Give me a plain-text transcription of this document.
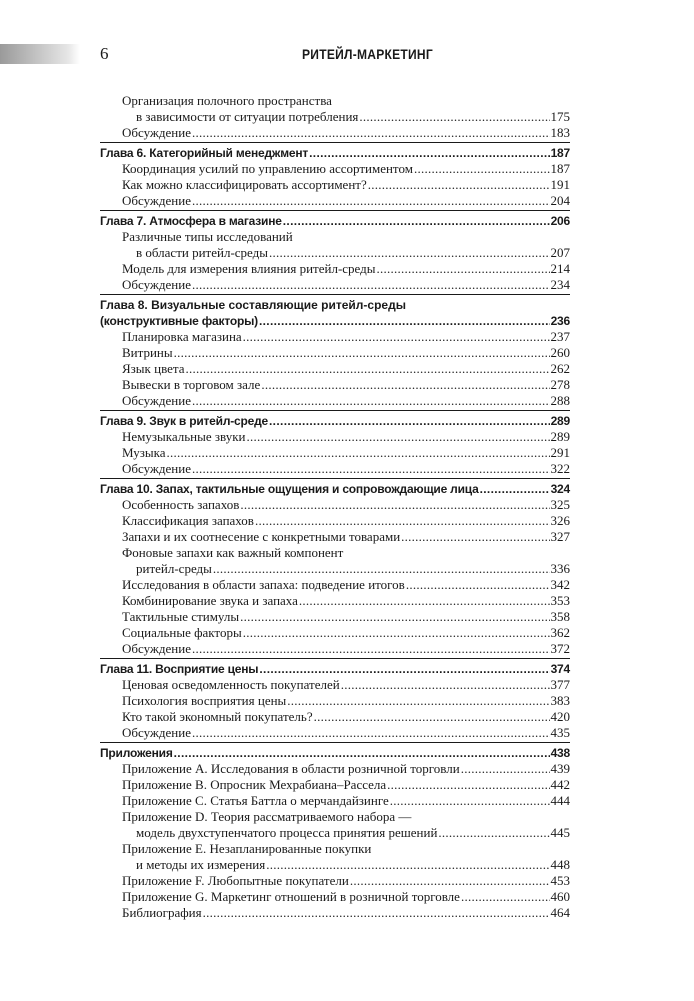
6	РИТЕЙЛ-МАРКЕТИНГ
Организация полочного пространства
в зависимости от ситуации потребления . . .	175
Обсуждение . . .	183
Глава 6. Категорийный менеджмент . . .	187
Координация усилий по управлению ассортиментом . . .	187
Как можно классифицировать ассортимент? . . .	191
Обсуждение . . .	204
Глава 7. Атмосфера в магазине . . .	206
Различные типы исследований
в области ритейл-среды . . .	207
Модель для измерения влияния ритейл-среды . . .	214
Обсуждение . . .	234
Глава 8. Визуальные составляющие ритейл-среды
(конструктивные факторы) . . .	236
Планировка магазина . . .	237
Витрины . . .	260
Язык цвета . . .	262
Вывески в торговом зале . . .	278
Обсуждение . . .	288
Глава 9. Звук в ритейл-среде . . .	289
Немузыкальные звуки . . .	289
Музыка . . .	291
Обсуждение . . .	322
Глава 10. Запах, тактильные ощущения и сопровождающие лица . . .	324
Особенность запахов . . .	325
Классификация запахов . . .	326
Запахи и их соотнесение с конкретными товарами . . .	327
Фоновые запахи как важный компонент
ритейл-среды . . .	336
Исследования в области запаха: подведение итогов . . .	342
Комбинирование звука и запаха . . .	353
Тактильные стимулы . . .	358
Социальные факторы . . .	362
Обсуждение . . .	372
Глава 11. Восприятие цены . . .	374
Ценовая осведомленность покупателей . . .	377
Психология восприятия цены . . .	383
Кто такой экономный покупатель? . . .	420
Обсуждение . . .	435
Приложения . . .	438
Приложение A. Исследования в области розничной торговли . . .	439
Приложение B. Опросник Мехрабиана–Рассела . . .	442
Приложение C. Статья Баттла о мерчандайзинге . . .	444
Приложение D. Теория рассматриваемого набора —
модель двухступенчатого процесса принятия решений . . .	445
Приложение E. Незапланированные покупки
и методы их измерения . . .	448
Приложение F. Любопытные покупатели . . .	453
Приложение G. Маркетинг отношений в розничной торговле . . .	460
Библиография . . .	464
